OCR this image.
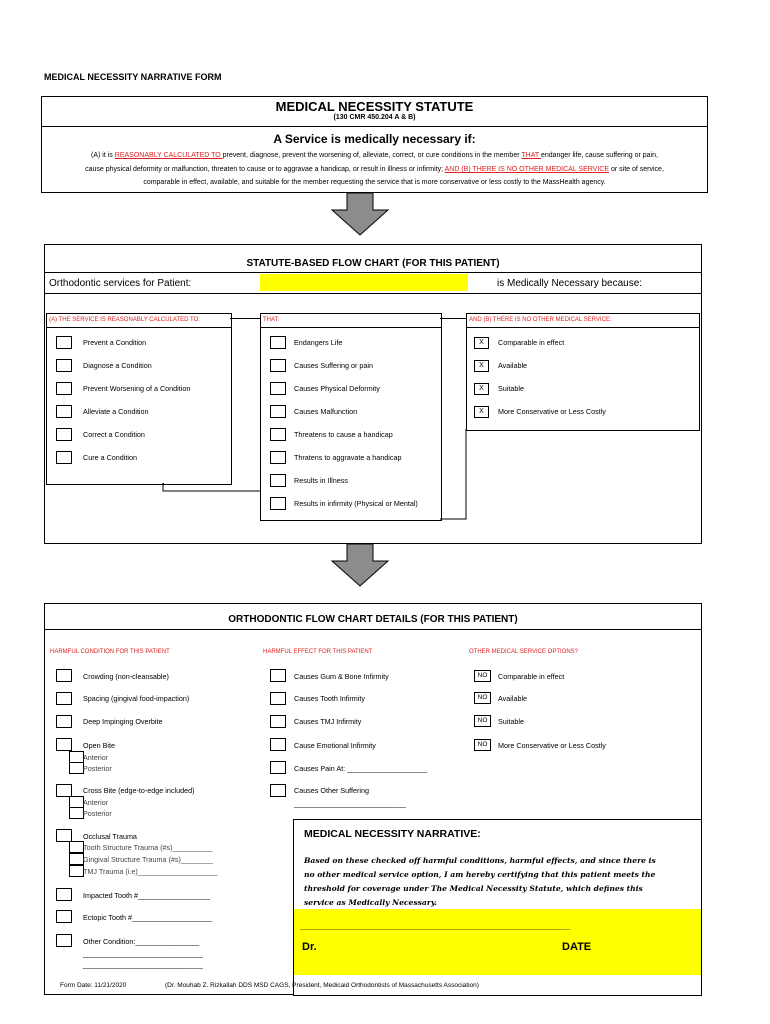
MEDICAL NECESSITY NARRATIVE FORM
MEDICAL NECESSITY STATUTE
(130 CMR 450.204 A & B)
A Service is medically necessary if:
(A) it is REASONABLY CALCULATED TO prevent, diagnose, prevent the worsening of, alleviate, correct, or cure conditions in the member THAT endanger life, cause suffering or pain,
cause physical deformity or malfunction, threaten to cause or to aggravae a handicap, or result in illness or infirmity; AND (B) THERE IS NO OTHER MEDICAL SERVICE or site of service,
comparable in effect, available, and suitable for the member requesting the service that is more conservative or less costly to the MassHealth agency.
STATUTE-BASED FLOW CHART (FOR THIS PATIENT)
Orthodontic services for Patient:	is Medically Necessary because:
(A) THE SERVICE IS REASONABLY CALCULATED TO:	THAT:	AND (B) THERE IS NO OTHER MEDICAL SERVICE:
Prevent a Condition
Diagnose a Condition
Prevent Worsening of a Condition
Alleviate a Condition
Correct a Condition
Cure a Condition
Endangers Life
Causes Suffering or pain
Causes Physical Deformity
Causes Malfunction
Threatens to cause a handicap
Thratens to aggravate a handicap
Results in Illness
Results in infirmity (Physical or Mental)
X	Comparable in effect
X	Available
X	Suitable
X	More Conservative or Less Costly
ORTHODONTIC FLOW CHART DETAILS (FOR THIS PATIENT)
HARMFUL CONDITION FOR THIS PATIENT	HARMFUL EFFECT FOR THIS PATIENT	OTHER MEDICAL SERVICE OPTIONS?
Crowding (non-cleansable)
Spacing (gingival food-impaction)
Deep Impinging Overbite
Open Bite
Anterior
Posterior
Cross Bite (edge-to-edge included)
Anterior
Posterior
Occlusal Trauma
Tooth Structure Trauma (#s)__________
Gingival Structure Trauma (#s)________
TMJ Trauma (i.e)____________________
Impacted Tooth #__________________
Ectopic Tooth #____________________
Other Condition:________________
______________________________
______________________________
Causes Gum & Bone Infirmity
Causes Tooth Infirmity
Causes TMJ Infirmity
Cause Emotional Infirmity
Causes Pain At: ____________________
Causes Other Suffering
____________________________
NO	Comparable in effect
NO	Available
NO	Suitable
NO	More Conservative or Less Costly
MEDICAL NECESSITY NARRATIVE:
Based on these checked off harmful conditions, harmful effects, and since there is no other medical service option, I am hereby certifying that this patient meets the threshold for coverage under The Medical Necessity Statute, which defines this service as Medically Necessary.
______________________________________________________
Dr.	DATE
Form Date: 11/21/2020	(Dr. Mouhab Z. Rizkallah DDS MSD CAGS, President, Medicaid Orthodontists of Massachusetts Association)
